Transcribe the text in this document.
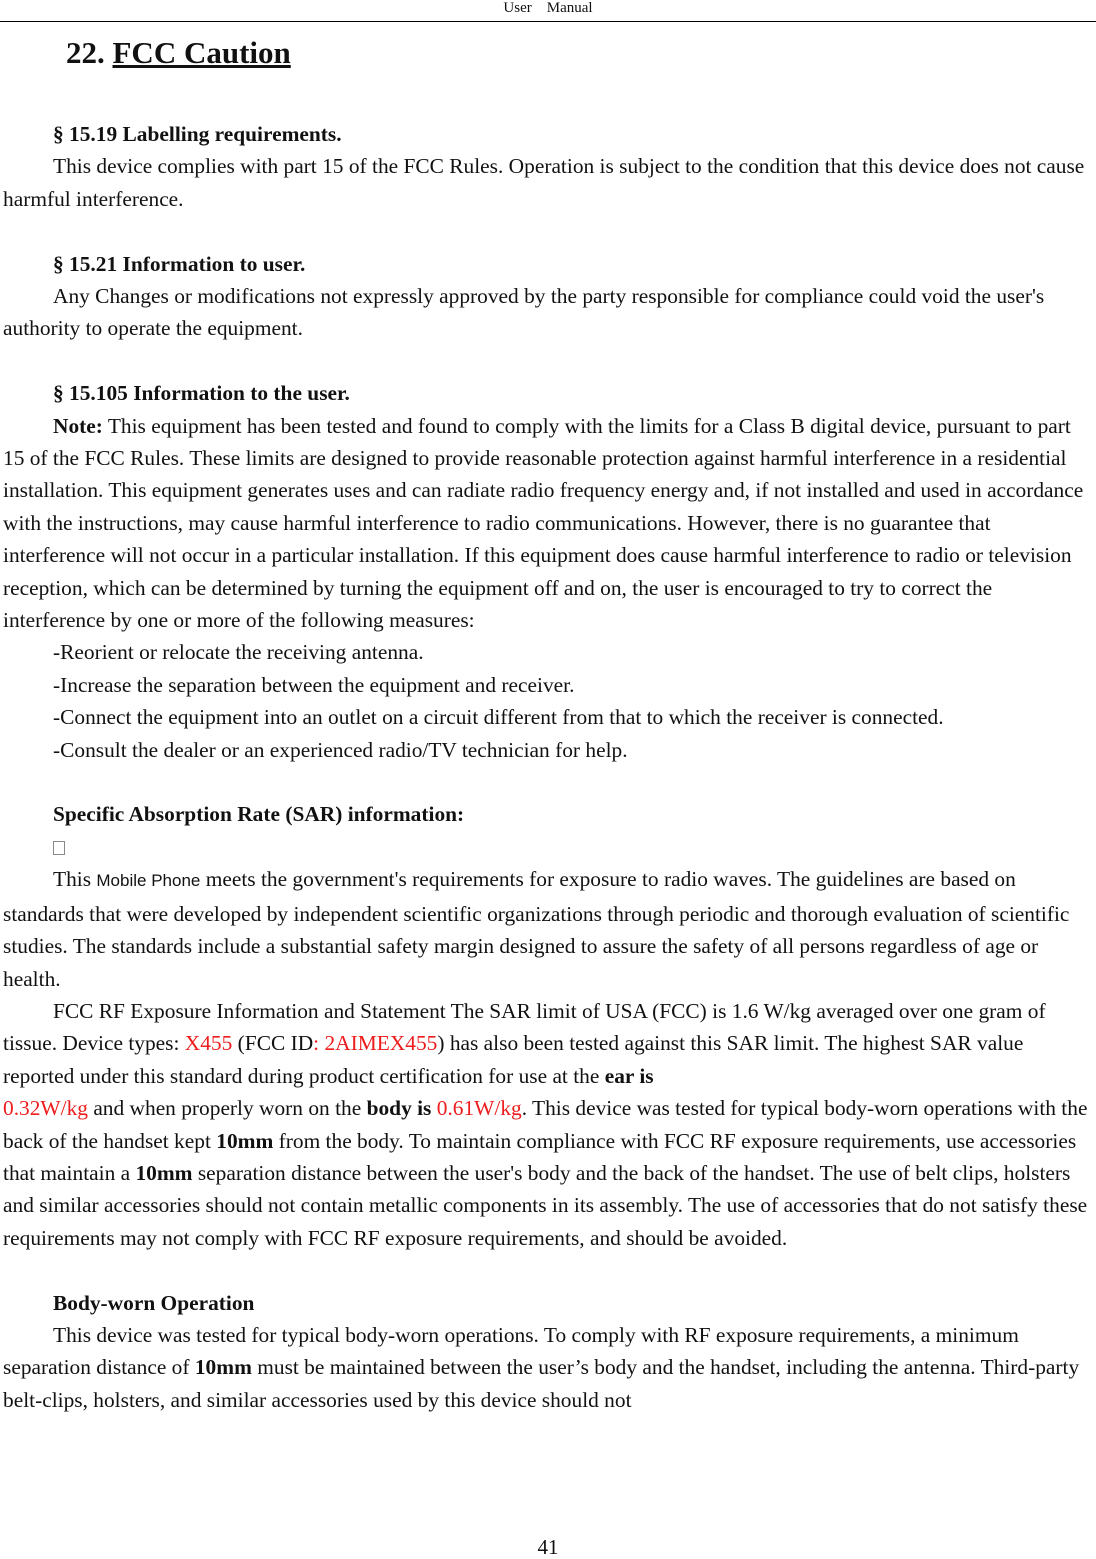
User Manual
22. FCC Caution

§ 15.19 Labelling requirements.

This device complies with part 15 of the FCC Rules. Operation is subject to the condition that this device does not cause harmful interference.

§ 15.21 Information to user.

Any Changes or modifications not expressly approved by the party responsible for compliance could void the user's authority to operate the equipment.

§ 15.105 Information to the user.

Note: This equipment has been tested and found to comply with the limits for a Class B digital device, pursuant to part 15 of the FCC Rules. These limits are designed to provide reasonable protection against harmful interference in a residential installation. This equipment generates uses and can radiate radio frequency energy and, if not installed and used in accordance with the instructions, may cause harmful interference to radio communications. However, there is no guarantee that interference will not occur in a particular installation. If this equipment does cause harmful interference to radio or television reception, which can be determined by turning the equipment off and on, the user is encouraged to try to correct the interference by one or more of the following measures:

-Reorient or relocate the receiving antenna.

-Increase the separation between the equipment and receiver.

-Connect the equipment into an outlet on a circuit different from that to which the receiver is connected.

-Consult the dealer or an experienced radio/TV technician for help.

Specific Absorption Rate (SAR) information:

This Mobile Phone meets the government's requirements for exposure to radio waves. The guidelines are based on standards that were developed by independent scientific organizations through periodic and thorough evaluation of scientific studies. The standards include a substantial safety margin designed to assure the safety of all persons regardless of age or health.

FCC RF Exposure Information and Statement The SAR limit of USA (FCC) is 1.6 W/kg averaged over one gram of tissue. Device types: X455 (FCC ID: 2AIMEX455) has also been tested against this SAR limit. The highest SAR value reported under this standard during product certification for use at the ear is
0.32W/kg and when properly worn on the body is 0.61W/kg. This device was tested for typical body-worn operations with the back of the handset kept 10mm from the body. To maintain compliance with FCC RF exposure requirements, use accessories that maintain a 10mm separation distance between the user's body and the back of the handset. The use of belt clips, holsters and similar accessories should not contain metallic components in its assembly. The use of accessories that do not satisfy these requirements may not comply with FCC RF exposure requirements, and should be avoided.

Body-worn Operation

This device was tested for typical body-worn operations. To comply with RF exposure requirements, a minimum separation distance of 10mm must be maintained between the user’s body and the handset, including the antenna. Third-party belt-clips, holsters, and similar accessories used by this device should not

41
